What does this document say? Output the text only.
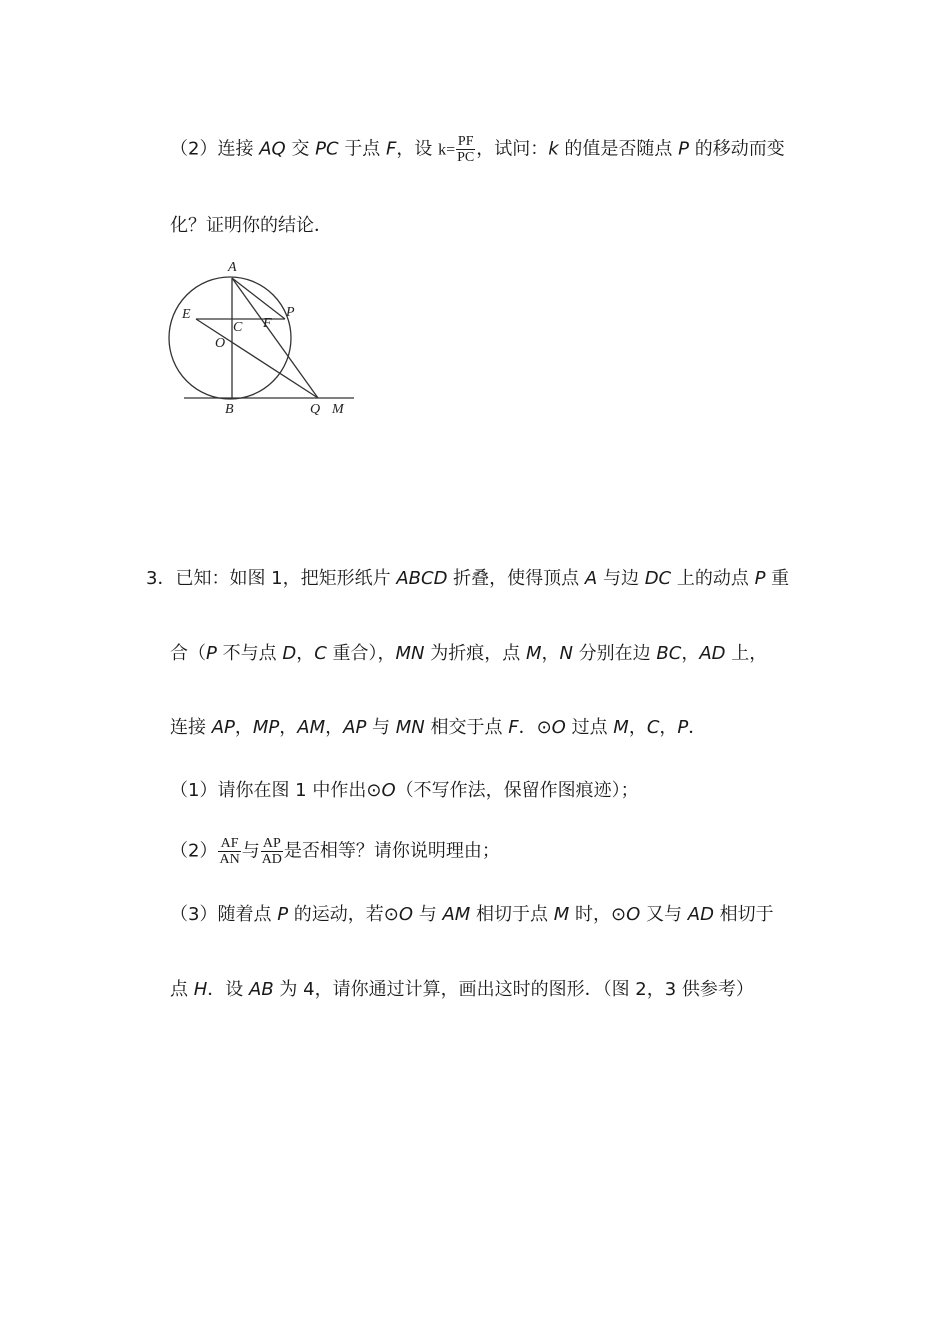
（2）连接 AQ 交 PC 于点 F，设 $k= \frac{PF}{PC}$ ，试问：k 的值是否随点 P 的移动而变
化？证明你的结论．
A
P
E
C F
O
B	Q M
3．已知：如图 1，把矩形纸片 ABCD 折叠，使得顶点 A 与边 DC 上的动点 P 重
合（P 不与点 D，C 重合），MN 为折痕，点 M，N 分别在边 BC，AD 上，
连接 AP，MP，AM，AP 与 MN 相交于点 F．⊙O 过点 M，C，P．
（1）请你在图 1 中作出⊙O（不写作法，保留作图痕迹）；
$(2) \frac{AF}{AN}$ 与 $\frac{AP}{AD}$ 是否相等？请你说明理由；
（3）随着点 P 的运动，若⊙O 与 AM 相切于点 M 时，⊙O 又与 AD 相切于
点 H．设 AB 为 4，请你通过计算，画出这时的图形．（图 2，3 供参考）
